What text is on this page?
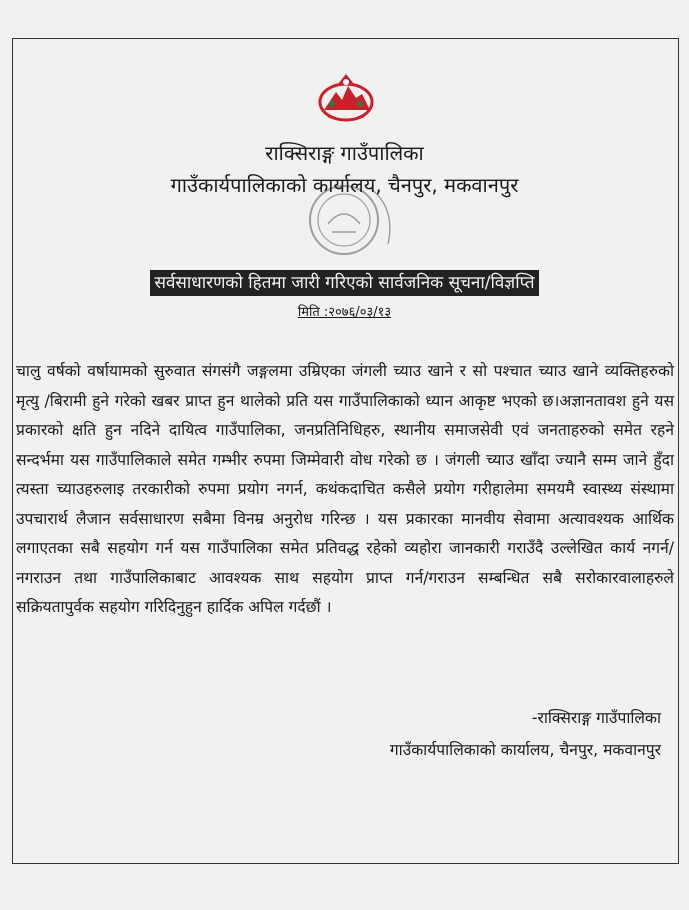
राक्सिराङ्ग गाउँपालिका
गाउँकार्यपालिकाको कार्यालय, चैनपुर, मकवानपुर
सर्वसाधारणको हितमा जारी गरिएको सार्वजनिक सूचना/विज्ञप्ति
मिति :२०७६/०३/१३

चालु वर्षको वर्षायामको सुरुवात संगसंगै जङ्गलमा उम्रिएका जंगली च्याउ खाने र सो पश्चात च्याउ खाने व्यक्तिहरुको मृत्यु /बिरामी हुने गरेको खबर प्राप्त हुन थालेको प्रति यस गाउँपालिकाको ध्यान आकृष्ट भएको छ।अज्ञानतावश हुने यस प्रकारको क्षति हुन नदिने दायित्व गाउँपालिका, जनप्रतिनिधिहरु, स्थानीय समाजसेवी एवं जनताहरुको समेत रहने सन्दर्भमा यस गाउँपालिकाले समेत गम्भीर रुपमा जिम्मेवारी वोध गरेको छ । जंगली च्याउ खाँदा ज्यानै सम्म जाने हुँदा त्यस्ता च्याउहरुलाइ तरकारीको रुपमा प्रयोग नगर्न, कथंकदाचित कसैले प्रयोग गरीहालेमा समयमै स्वास्थ्य संस्थामा उपचारार्थ लैजान सर्वसाधारण सबैमा विनम्र अनुरोध गरिन्छ । यस प्रकारका मानवीय सेवामा अत्यावश्यक आर्थिक लगाएतका सबै सहयोग गर्न यस गाउँपालिका समेत प्रतिवद्ध रहेको व्यहोरा जानकारी गराउँदै उल्लेखित कार्य नगर्न/ नगराउन तथा गाउँपालिकाबाट आवश्यक साथ सहयोग प्राप्त गर्न/गराउन सम्बन्धित सबै सरोकारवालाहरुले सक्रियतापुर्वक सहयोग गरिदिनुहुन हार्दिक अपिल गर्दछौं ।

-राक्सिराङ्ग गाउँपालिका
गाउँकार्यपालिकाको कार्यालय, चैनपुर, मकवानपुर
